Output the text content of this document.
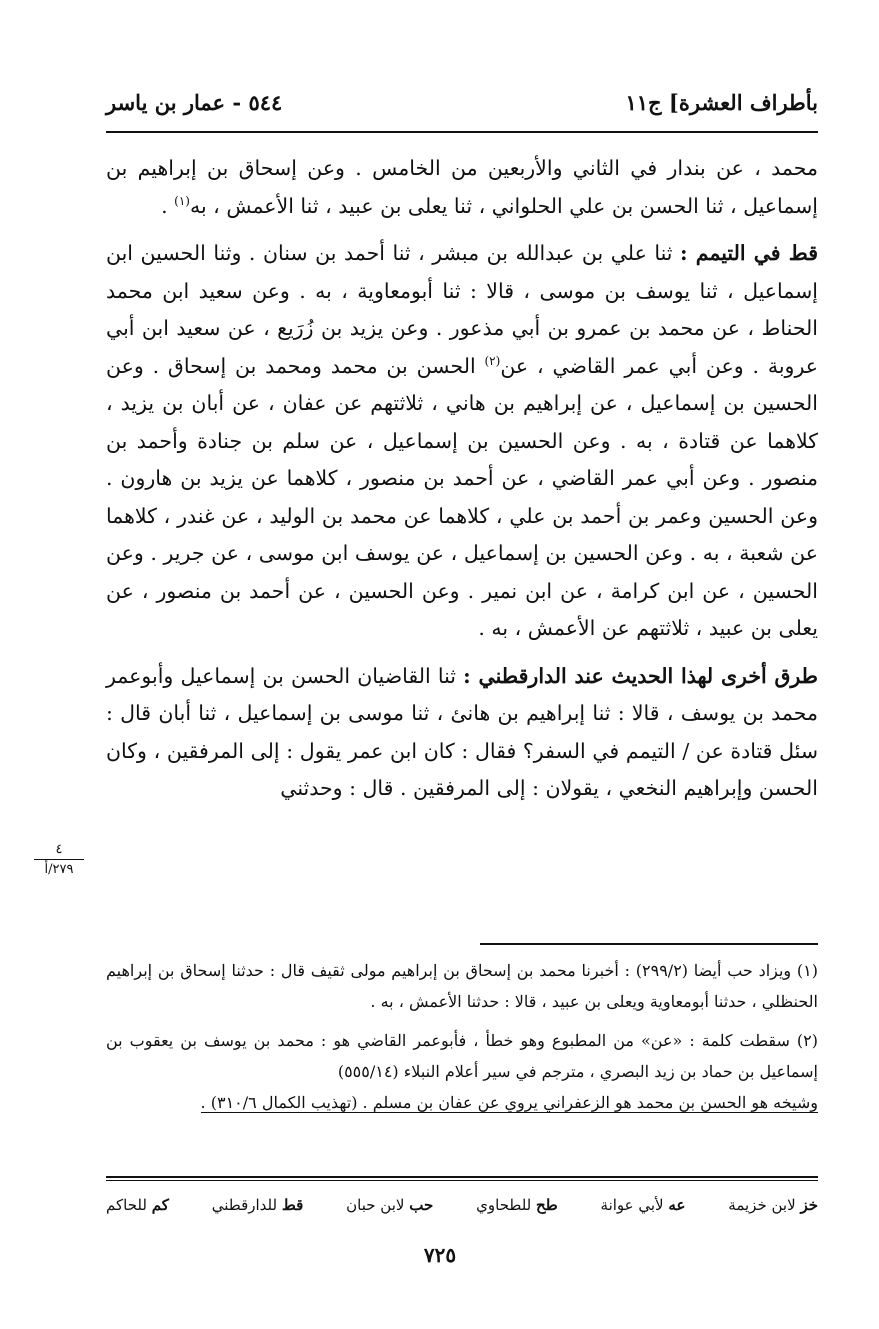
بأطراف العشرة] ج١١
٥٤٤ - عمار بن ياسر

محمد ، عن بندار في الثاني والأربعين من الخامس . وعن إسحاق بن إبراهيم بن إسماعيل ، ثنا الحسن بن علي الحلواني ، ثنا يعلى بن عبيد ، ثنا الأعمش ، به$^{(١)}$ .

قط في التيمم : ثنا علي بن عبدالله بن مبشر ، ثنا أحمد بن سنان . وثنا الحسين ابن إسماعيل ، ثنا يوسف بن موسى ، قالا : ثنا أبومعاوية ، به . وعن سعيد ابن محمد الحناط ، عن محمد بن عمرو بن أبي مذعور . وعن يزيد بن زُرَيع ، عن سعيد ابن أبي عروبة . وعن أبي عمر القاضي ، عن$^{(٢)}$ الحسن بن محمد ومحمد بن إسحاق . وعن الحسين بن إسماعيل ، عن إبراهيم بن هاني ، ثلاثتهم عن عفان ، عن أبان بن يزيد ، كلاهما عن قتادة ، به . وعن الحسين بن إسماعيل ، عن سلم بن جنادة وأحمد بن منصور . وعن أبي عمر القاضي ، عن أحمد بن منصور ، كلاهما عن يزيد بن هارون . وعن الحسين وعمر بن أحمد بن علي ، كلاهما عن محمد بن الوليد ، عن غندر ، كلاهما عن شعبة ، به . وعن الحسين بن إسماعيل ، عن يوسف ابن موسى ، عن جرير . وعن الحسين ، عن ابن كرامة ، عن ابن نمير . وعن الحسين ، عن أحمد بن منصور ، عن يعلى بن عبيد ، ثلاثتهم عن الأعمش ، به .

طرق أخرى لهذا الحديث عند الدارقطني : ثنا القاضيان الحسن بن إسماعيل وأبوعمر محمد بن يوسف ، قالا : ثنا إبراهيم بن هانئ ، ثنا موسى بن إسماعيل ، ثنا أبان قال : سئل قتادة عن / التيمم في السفر؟ فقال : كان ابن عمر يقول : إلى المرفقين ، وكان الحسن وإبراهيم النخعي ، يقولان : إلى المرفقين . قال : وحدثني

٤
٢٧٩/أ

(١) ويزاد حب أيضا (٢٩٩/٢) : أخبرنا محمد بن إسحاق بن إبراهيم مولى ثقيف قال : حدثنا إسحاق بن إبراهيم الحنظلي ، حدثنا أبومعاوية ويعلى بن عبيد ، قالا : حدثنا الأعمش ، به .

(٢) سقطت كلمة : «عن» من المطبوع وهو خطأ ، فأبوعمر القاضي هو : محمد بن يوسف بن يعقوب بن إسماعيل بن حماد بن زيد البصري ، مترجم في سير أعلام النبلاء (٥٥٥/١٤)
وشيخه هو الحسن بن محمد هو الزعفراني يروي عن عفان بن مسلم . (تهذيب الكمال ٣١٠/٦) .

خز لابن خزيمة
عه لأبي عوانة
طح للطحاوي
حب لابن حبان
قط للدارقطني
كم للحاكم
٧٢٥
